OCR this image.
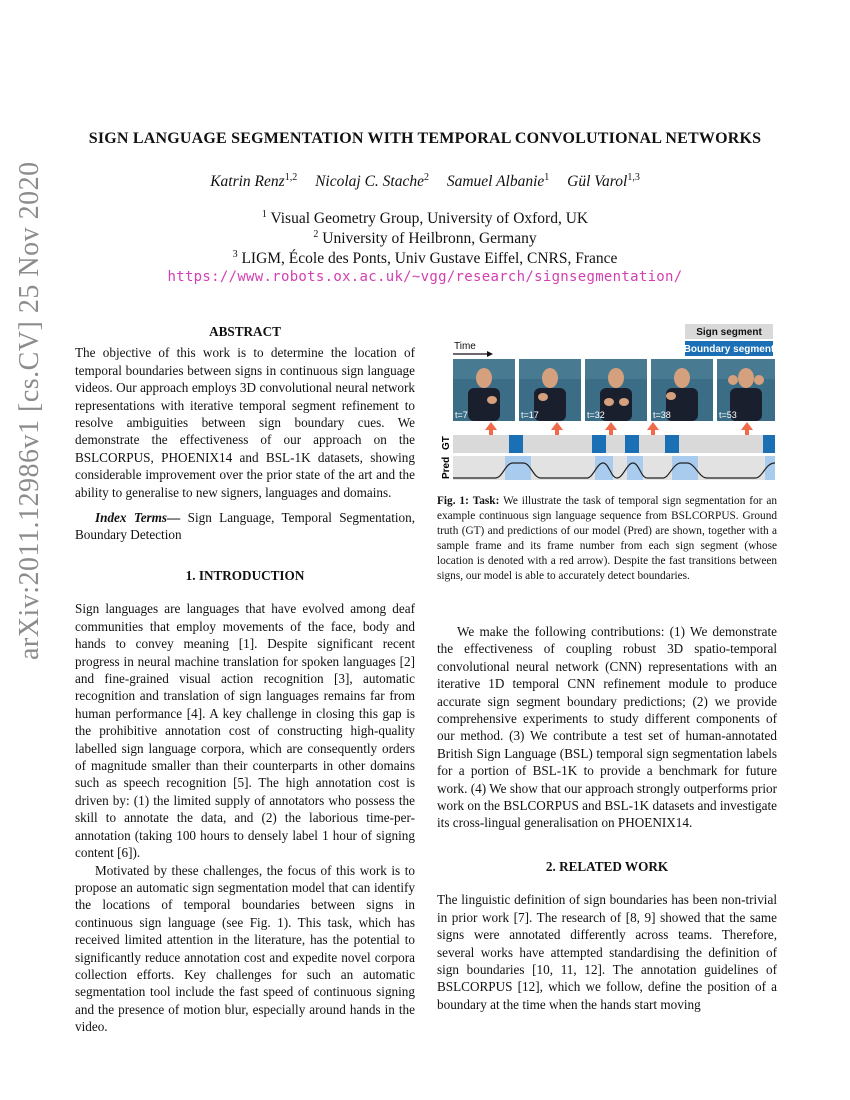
arXiv:2011.12986v1 [cs.CV] 25 Nov 2020
SIGN LANGUAGE SEGMENTATION WITH TEMPORAL CONVOLUTIONAL NETWORKS
Katrin Renz$^{1,2}$ Nicolaj C. Stache$^2$ Samuel Albanie$^1$ Gül Varol$^{1,3}$
$^1$ Visual Geometry Group, University of Oxford, UK
$^2$ University of Heilbronn, Germany
$^3$ LIGM, École des Ponts, Univ Gustave Eiffel, CNRS, France
https://www.robots.ox.ac.uk/~vgg/research/signsegmentation/
ABSTRACT

The objective of this work is to determine the location of temporal boundaries between signs in continuous sign language videos. Our approach employs 3D convolutional neural network representations with iterative temporal segment refinement to resolve ambiguities between sign boundary cues. We demonstrate the effectiveness of our approach on the BSLCORPUS, PHOENIX14 and BSL-1K datasets, showing considerable improvement over the prior state of the art and the ability to generalise to new signers, languages and domains.

Index Terms— Sign Language, Temporal Segmentation, Boundary Detection

1. INTRODUCTION

Sign languages are languages that have evolved among deaf communities that employ movements of the face, body and hands to convey meaning [1]. Despite significant recent progress in neural machine translation for spoken languages [2] and fine-grained visual action recognition [3], automatic recognition and translation of sign languages remains far from human performance [4]. A key challenge in closing this gap is the prohibitive annotation cost of constructing high-quality labelled sign language corpora, which are consequently orders of magnitude smaller than their counterparts in other domains such as speech recognition [5]. The high annotation cost is driven by: (1) the limited supply of annotators who possess the skill to annotate the data, and (2) the laborious time-per-annotation (taking 100 hours to densely label 1 hour of signing content [6]).

Motivated by these challenges, the focus of this work is to propose an automatic sign segmentation model that can identify the locations of temporal boundaries between signs in continuous sign language (see Fig. 1). This task, which has received limited attention in the literature, has the potential to significantly reduce annotation cost and expedite novel corpora collection efforts. Key challenges for such an automatic segmentation tool include the fast speed of continuous signing and the presence of motion blur, especially around hands in the video.

Sign segment
Boundary segment
Time
t=7	t=17	t=32	t=38	t=53
GT
Pred
Fig. 1: Task: We illustrate the task of temporal sign segmentation for an example continuous sign language sequence from BSLCORPUS. Ground truth (GT) and predictions of our model (Pred) are shown, together with a sample frame and its frame number from each sign segment (whose location is denoted with a red arrow). Despite the fast transitions between signs, our model is able to accurately detect boundaries.

We make the following contributions: (1) We demonstrate the effectiveness of coupling robust 3D spatio-temporal convolutional neural network (CNN) representations with an iterative 1D temporal CNN refinement module to produce accurate sign segment boundary predictions; (2) we provide comprehensive experiments to study different components of our method. (3) We contribute a test set of human-annotated British Sign Language (BSL) temporal sign segmentation labels for a portion of BSL-1K to provide a benchmark for future work. (4) We show that our approach strongly outperforms prior work on the BSLCORPUS and BSL-1K datasets and investigate its cross-lingual generalisation on PHOENIX14.

2. RELATED WORK

The linguistic definition of sign boundaries has been non-trivial in prior work [7]. The research of [8, 9] showed that the same signs were annotated differently across teams. Therefore, several works have attempted standardising the definition of sign boundaries [10, 11, 12]. The annotation guidelines of BSLCORPUS [12], which we follow, define the position of a boundary at the time when the hands start moving
